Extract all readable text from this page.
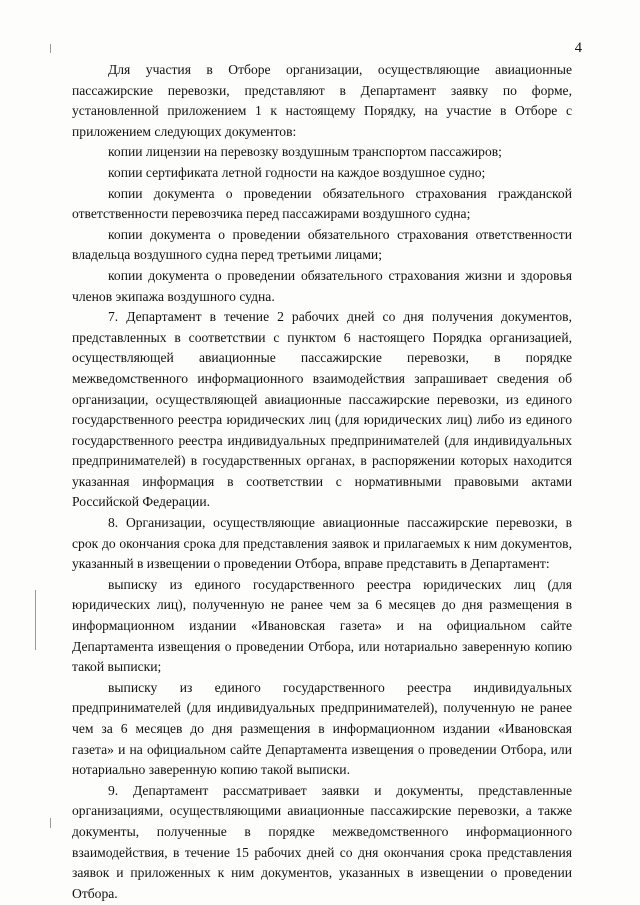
4

Для участия в Отборе организации, осуществляющие авиационные пассажирские перевозки, представляют в Департамент заявку по форме, установленной приложением 1 к настоящему Порядку, на участие в Отборе с приложением следующих документов:

копии лицензии на перевозку воздушным транспортом пассажиров;

копии сертификата летной годности на каждое воздушное судно;

копии документа о проведении обязательного страхования гражданской ответственности перевозчика перед пассажирами воздушного судна;

копии документа о проведении обязательного страхования ответственности владельца воздушного судна перед третьими лицами;

копии документа о проведении обязательного страхования жизни и здоровья членов экипажа воздушного судна.

7. Департамент в течение 2 рабочих дней со дня получения документов, представленных в соответствии с пунктом 6 настоящего Порядка организацией, осуществляющей авиационные пассажирские перевозки, в порядке межведомственного информационного взаимодействия запрашивает сведения об организации, осуществляющей авиационные пассажирские перевозки, из единого государственного реестра юридических лиц (для юридических лиц) либо из единого государственного реестра индивидуальных предпринимателей (для индивидуальных предпринимателей) в государственных органах, в распоряжении которых находится указанная информация в соответствии с нормативными правовыми актами Российской Федерации.

8. Организации, осуществляющие авиационные пассажирские перевозки, в срок до окончания срока для представления заявок и прилагаемых к ним документов, указанный в извещении о проведении Отбора, вправе представить в Департамент:

выписку из единого государственного реестра юридических лиц (для юридических лиц), полученную не ранее чем за 6 месяцев до дня размещения в информационном издании «Ивановская газета» и на официальном сайте Департамента извещения о проведении Отбора, или нотариально заверенную копию такой выписки;

выписку из единого государственного реестра индивидуальных предпринимателей (для индивидуальных предпринимателей), полученную не ранее чем за 6 месяцев до дня размещения в информационном издании «Ивановская газета» и на официальном сайте Департамента извещения о проведении Отбора, или нотариально заверенную копию такой выписки.

9. Департамент рассматривает заявки и документы, представленные организациями, осуществляющими авиационные пассажирские перевозки, а также документы, полученные в порядке межведомственного информационного взаимодействия, в течение 15 рабочих дней со дня окончания срока представления заявок и приложенных к ним документов, указанных в извещении о проведении Отбора.
